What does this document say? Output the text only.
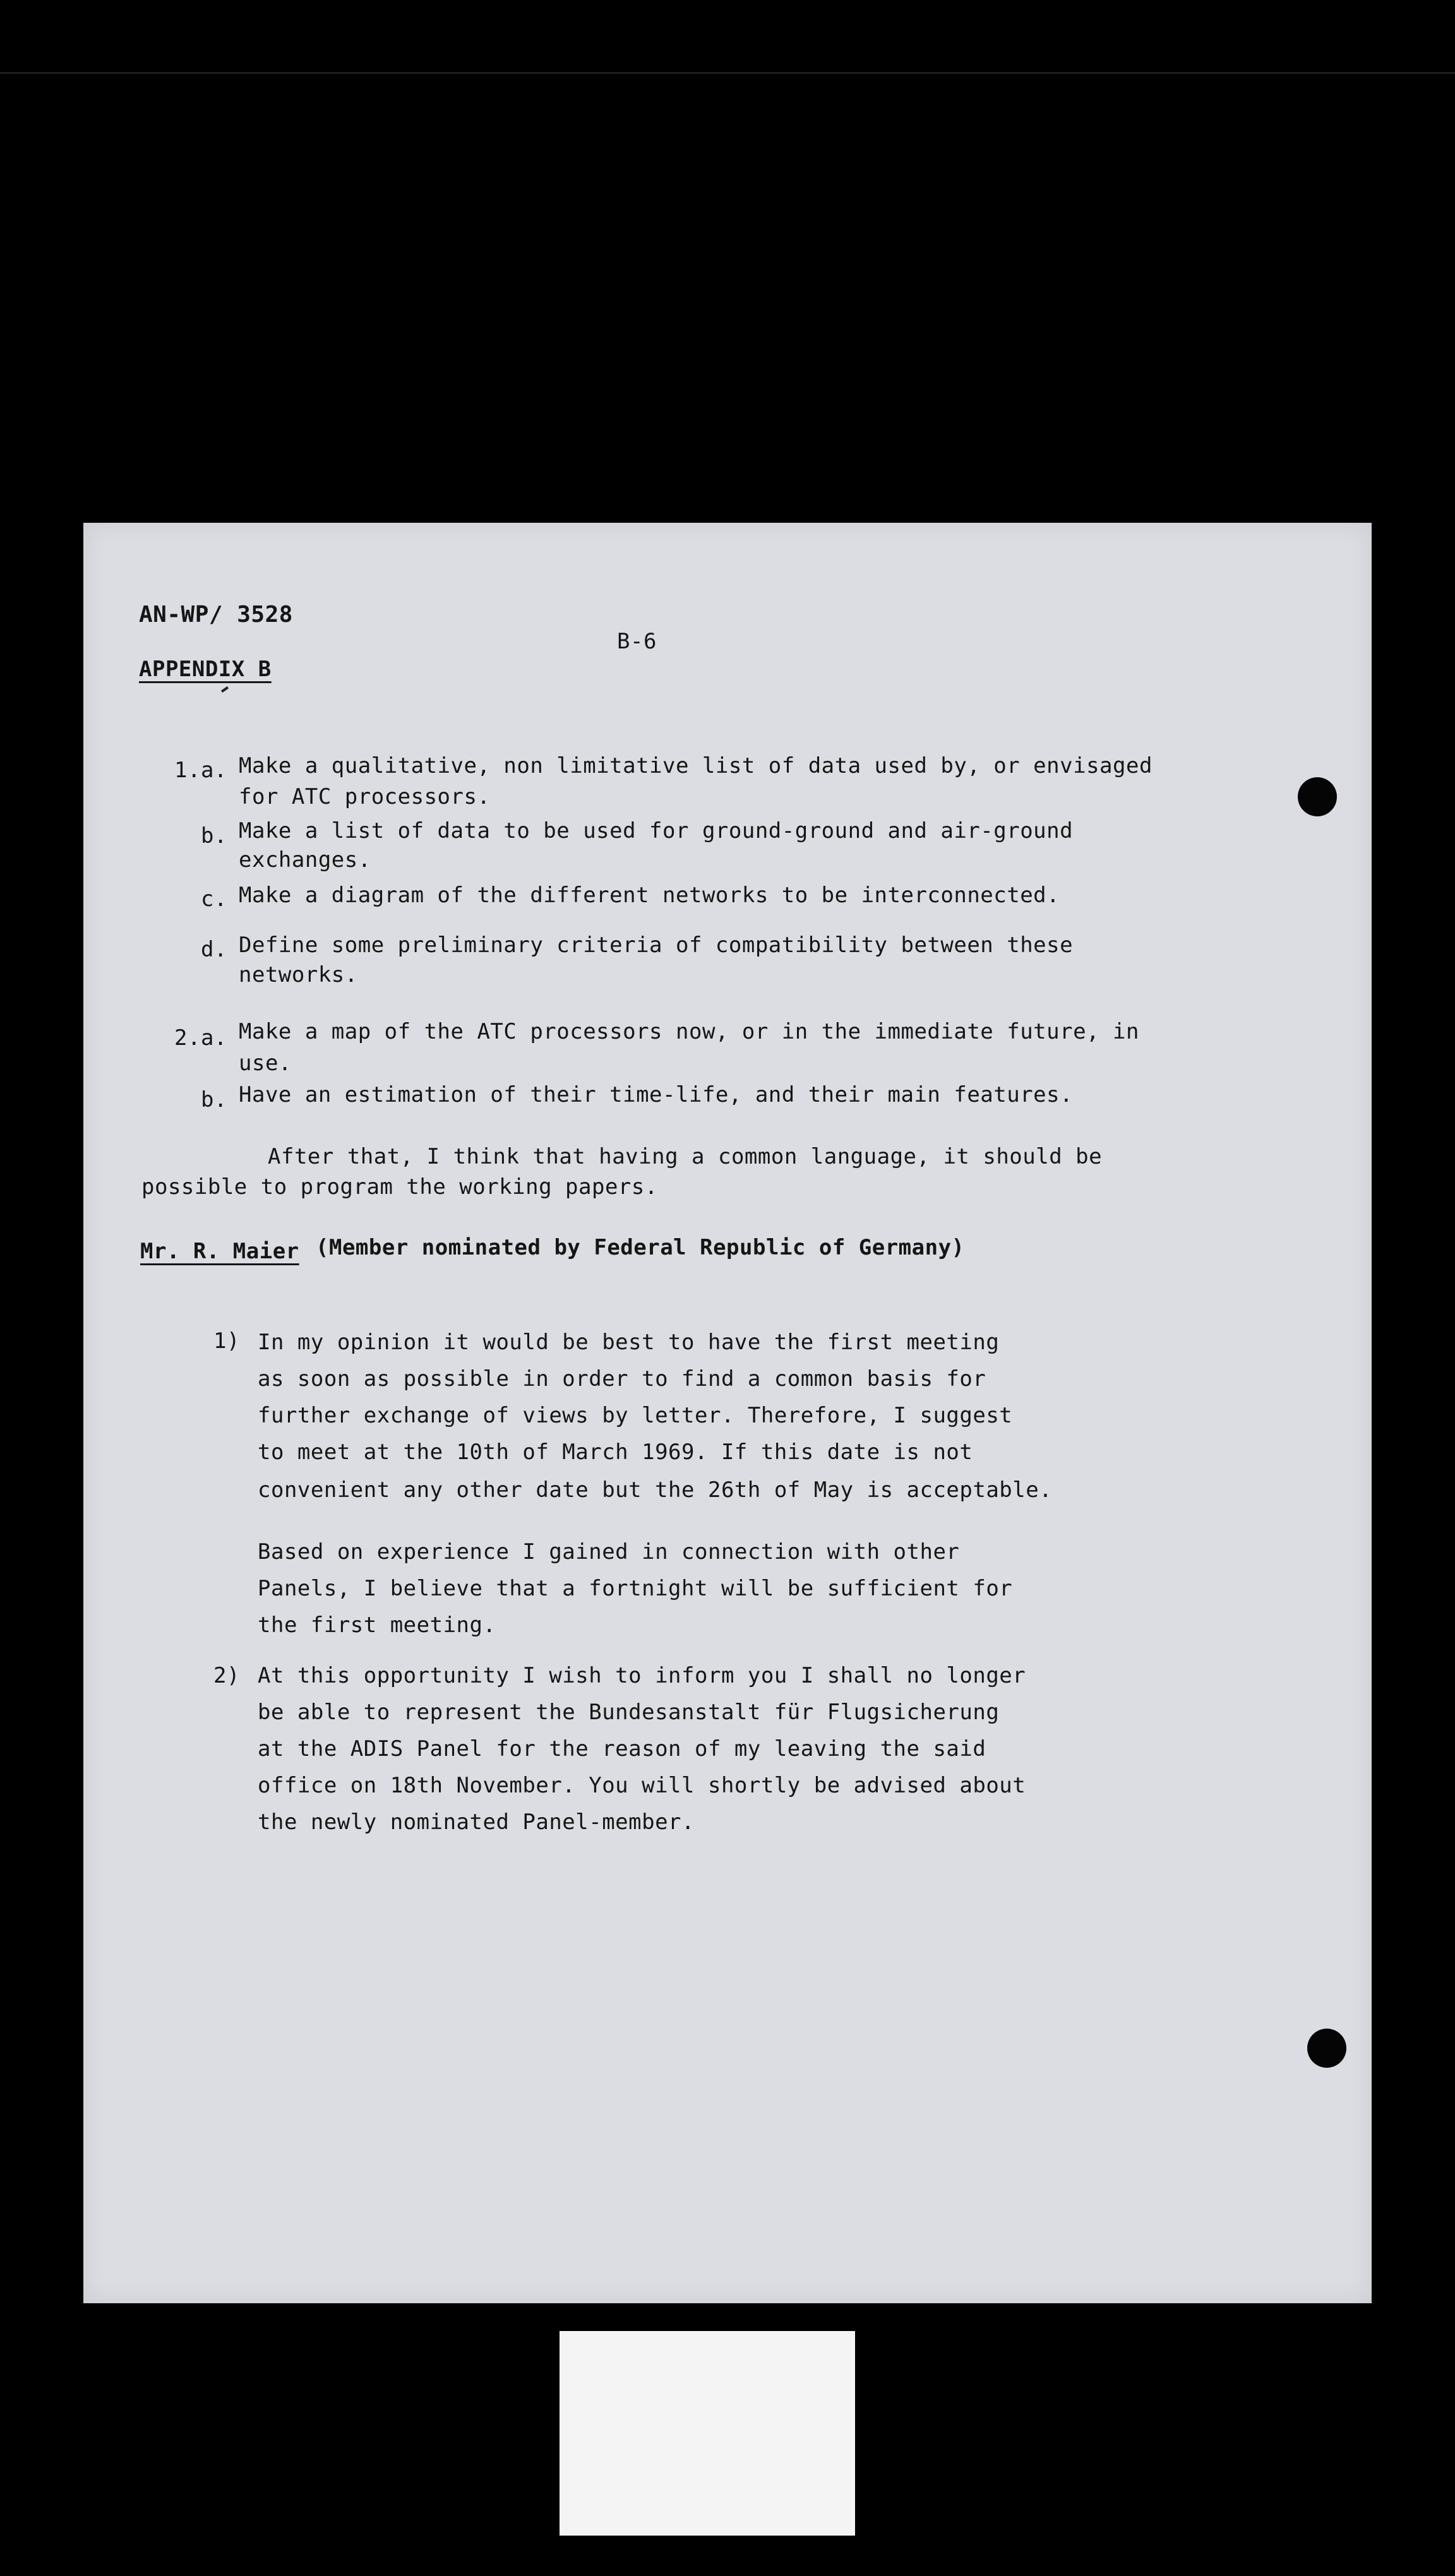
AN-WP/ 3528
B-6
APPENDIX B
1.a. Make a qualitative, non limitative list of data used by, or envisaged
for ATC processors.
b. Make a list of data to be used for ground-ground and air-ground
exchanges.
c. Make a diagram of the different networks to be interconnected.
d. Define some preliminary criteria of compatibility between these
networks.
2.a. Make a map of the ATC processors now, or in the immediate future, in
use.
b. Have an estimation of their time-life, and their main features.
After that, I think that having a common language, it should be
possible to program the working papers.
Mr. R. Maier (Member nominated by Federal Republic of Germany)
1) In my opinion it would be best to have the first meeting
as soon as possible in order to find a common basis for
further exchange of views by letter. Therefore, I suggest
to meet at the 10th of March 1969. If this date is not
convenient any other date but the 26th of May is acceptable.
Based on experience I gained in connection with other
Panels, I believe that a fortnight will be sufficient for
the first meeting.
2) At this opportunity I wish to inform you I shall no longer
be able to represent the Bundesanstalt für Flugsicherung
at the ADIS Panel for the reason of my leaving the said
office on 18th November. You will shortly be advised about
the newly nominated Panel-member.
